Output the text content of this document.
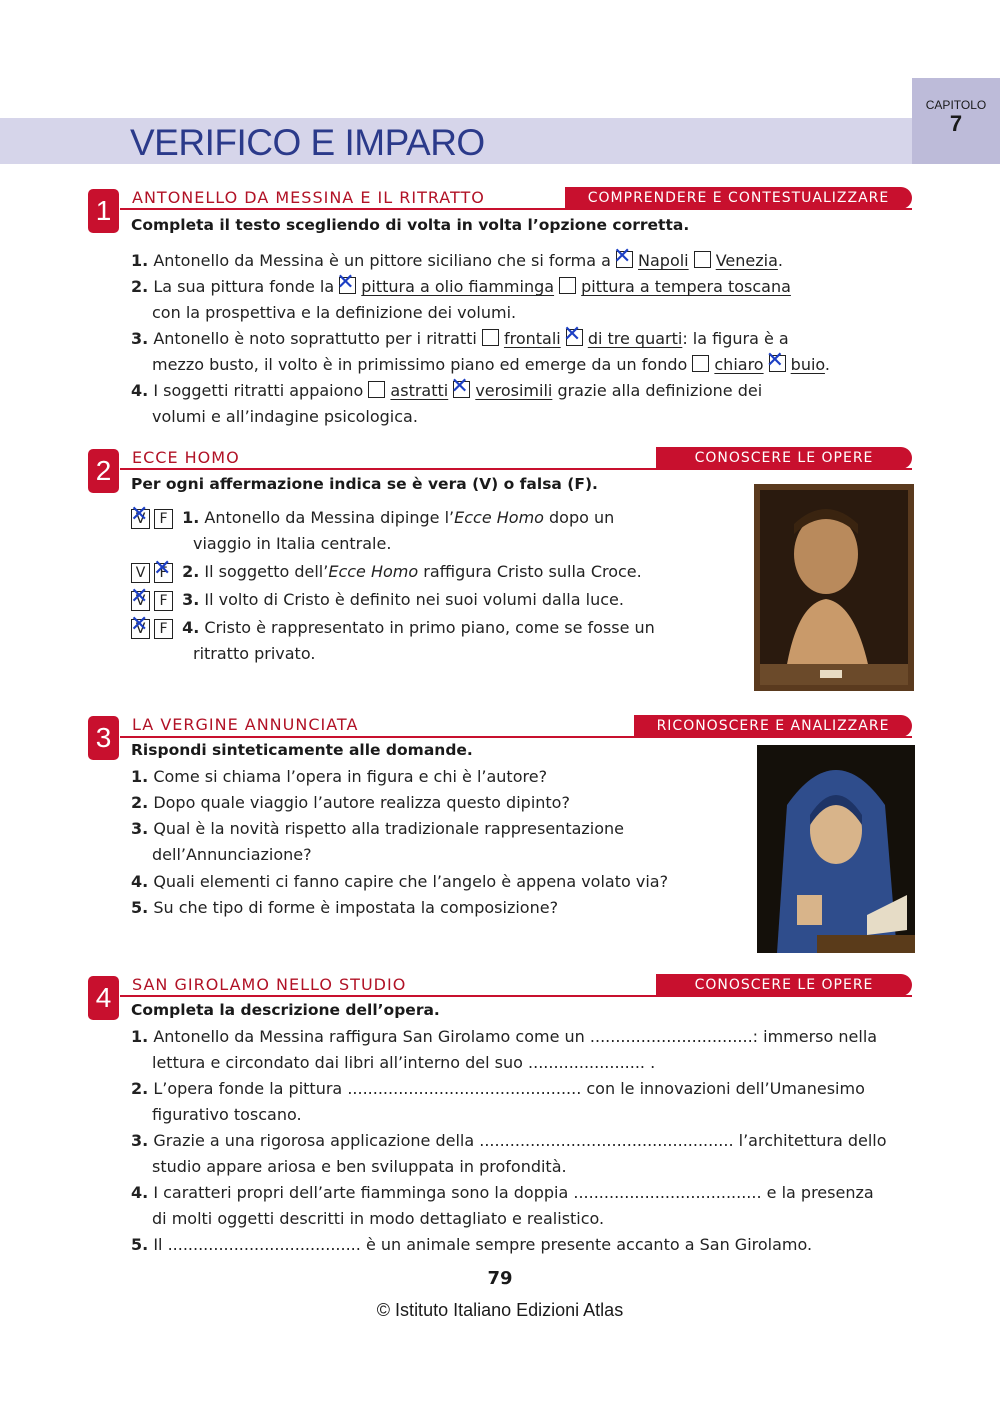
VERIFICO E IMPARO
CAPITOLO
7
1	ANTONELLO DA MESSINA E IL RITRATTO	COMPRENDERE E CONTESTUALIZZARE
Completa il testo scegliendo di volta in volta l’opzione corretta.
1. Antonello da Messina è un pittore siciliano che si forma a ✕ Napoli Venezia.
2. La sua pittura fonde la ✕ pittura a olio fiamminga pittura a tempera toscana
con la prospettiva e la definizione dei volumi.
3. Antonello è noto soprattutto per i ritratti frontali ✕ di tre quarti: la figura è a
mezzo busto, il volto è in primissimo piano ed emerge da un fondo chiaro ✕ buio.
4. I soggetti ritratti appaiono astratti ✕ verosimili grazie alla definizione dei
volumi e all’indagine psicologica.
2	ECCE HOMO	CONOSCERE LE OPERE
Per ogni affermazione indica se è vera (V) o falsa (F).
V ✕ F 1. Antonello da Messina dipinge l’Ecce Homo dopo un
viaggio in Italia centrale.
V F ✕ 2. Il soggetto dell’Ecce Homo raffigura Cristo sulla Croce.
V ✕ F 3. Il volto di Cristo è definito nei suoi volumi dalla luce.
V ✕ F 4. Cristo è rappresentato in primo piano, come se fosse un
ritratto privato.
3	LA VERGINE ANNUNCIATA	RICONOSCERE E ANALIZZARE
Rispondi sinteticamente alle domande.
1. Come si chiama l’opera in figura e chi è l’autore?
2. Dopo quale viaggio l’autore realizza questo dipinto?
3. Qual è la novità rispetto alla tradizionale rappresentazione
dell’Annunciazione?
4. Quali elementi ci fanno capire che l’angelo è appena volato via?
5. Su che tipo di forme è impostata la composizione?
4	SAN GIROLAMO NELLO STUDIO	CONOSCERE LE OPERE
Completa la descrizione dell’opera.
1. Antonello da Messina raffigura San Girolamo come un ................................: immerso nella
lettura e circondato dai libri all’interno del suo ....................... .
2. L’opera fonde la pittura .............................................. con le innovazioni dell’Umanesimo
figurativo toscano.
3. Grazie a una rigorosa applicazione della .................................................. l’architettura dello
studio appare ariosa e ben sviluppata in profondità.
4. I caratteri propri dell’arte fiamminga sono la doppia ..................................... e la presenza
di molti oggetti descritti in modo dettagliato e realistico.
5. Il ...................................... è un animale sempre presente accanto a San Girolamo.
79
© Istituto Italiano Edizioni Atlas
